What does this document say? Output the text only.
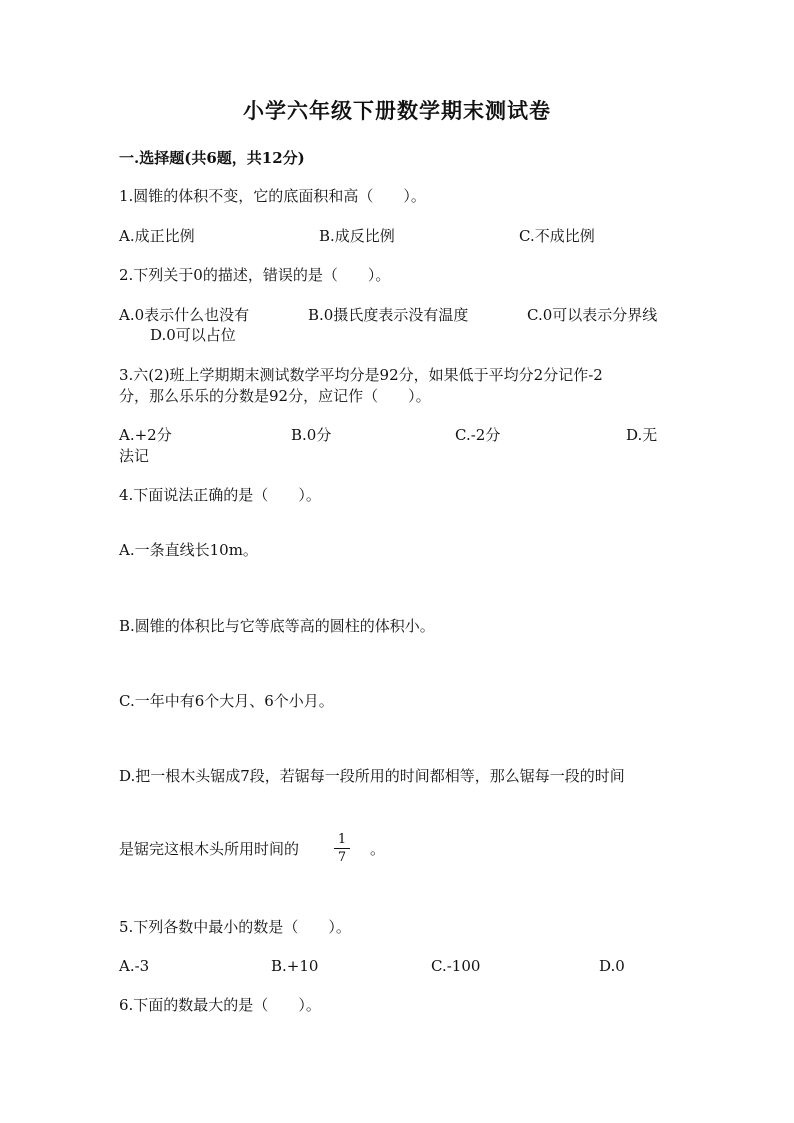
小学六年级下册数学期末测试卷
一.选择题(共6题，共12分)
1.圆锥的体积不变，它的底面积和高（　　）。
A.成正比例	B.成反比例	C.不成比例
2.下列关于0的描述，错误的是（　　）。
A.0表示什么也没有	B.0摄氏度表示没有温度	C.0可以表示分界线
D.0可以占位
3.六(2)班上学期期末测试数学平均分是92分，如果低于平均分2分记作-2
分，那么乐乐的分数是92分，应记作（　　）。
A.+2分	B.0分	C.-2分	D.无
法记
4.下面说法正确的是（　　）。
A.一条直线长10m。
B.圆锥的体积比与它等底等高的圆柱的体积小。
C.一年中有6个大月、6个小月。
D.把一根木头锯成7段，若锯每一段所用的时间都相等，那么锯每一段的时间
是锯完这根木头所用时间的	$\frac{1}{7}$ 。
5.下列各数中最小的数是（　　）。
A.-3	B.+10	C.-100	D.0
6.下面的数最大的是（　　）。
